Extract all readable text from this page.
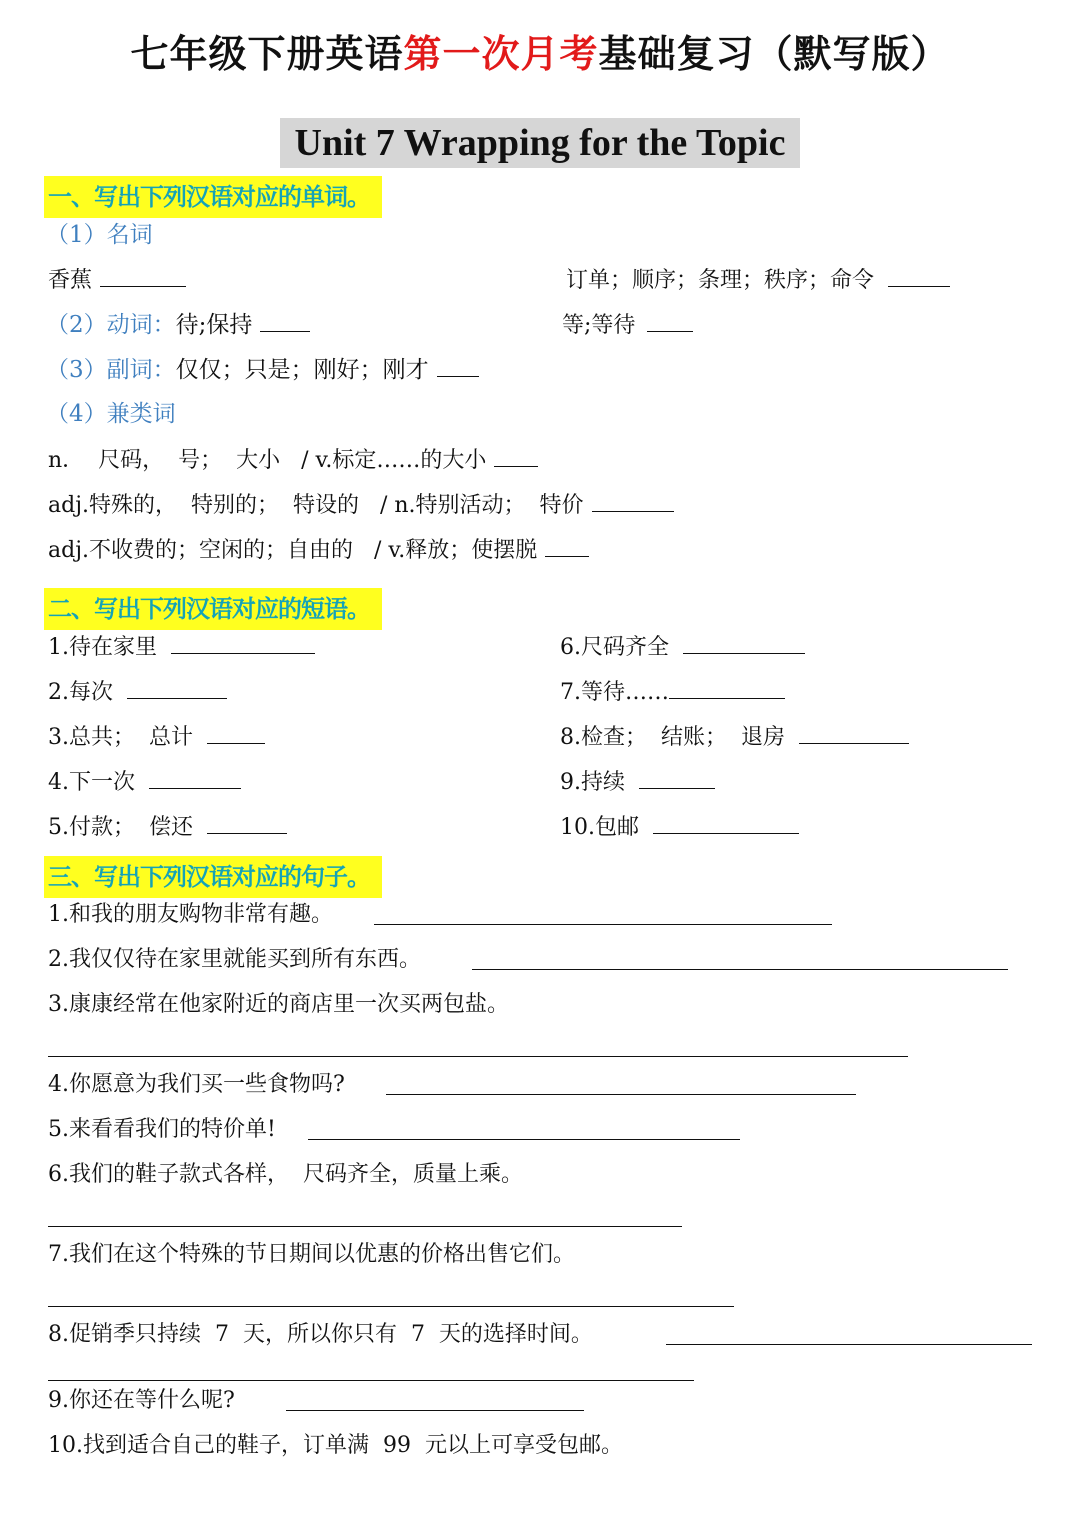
七年级下册英语第一次月考基础复习（默写版）
Unit 7 Wrapping for the Topic
一、写出下列汉语对应的单词。
（1）名词
香蕉	订单；顺序；条理；秩序；命令
（2）动词：待;保持	等;等待
（3）副词：仅仅；只是；刚好；刚才
（4）兼类词
n．  尺码，  号；  大小   / v.标定……的大小
adj.特殊的，  特别的；  特设的   / n.特别活动；  特价
adj.不收费的；空闲的；自由的   / v.释放；使摆脱
二、写出下列汉语对应的短语。
1.待在家里
2.每次
3.总共；  总计
4.下一次
5.付款；  偿还
6.尺码齐全
7.等待……
8.检查；  结账；  退房
9.持续
10.包邮
三、写出下列汉语对应的句子。
1.和我的朋友购物非常有趣。
2.我仅仅待在家里就能买到所有东西。
3.康康经常在他家附近的商店里一次买两包盐。
4.你愿意为我们买一些食物吗?
5.来看看我们的特价单!
6.我们的鞋子款式各样，  尺码齐全，质量上乘。
7.我们在这个特殊的节日期间以优惠的价格出售它们。
8.促销季只持续  7  天，所以你只有  7  天的选择时间。
9.你还在等什么呢?
10.找到适合自己的鞋子，订单满  99  元以上可享受包邮。
